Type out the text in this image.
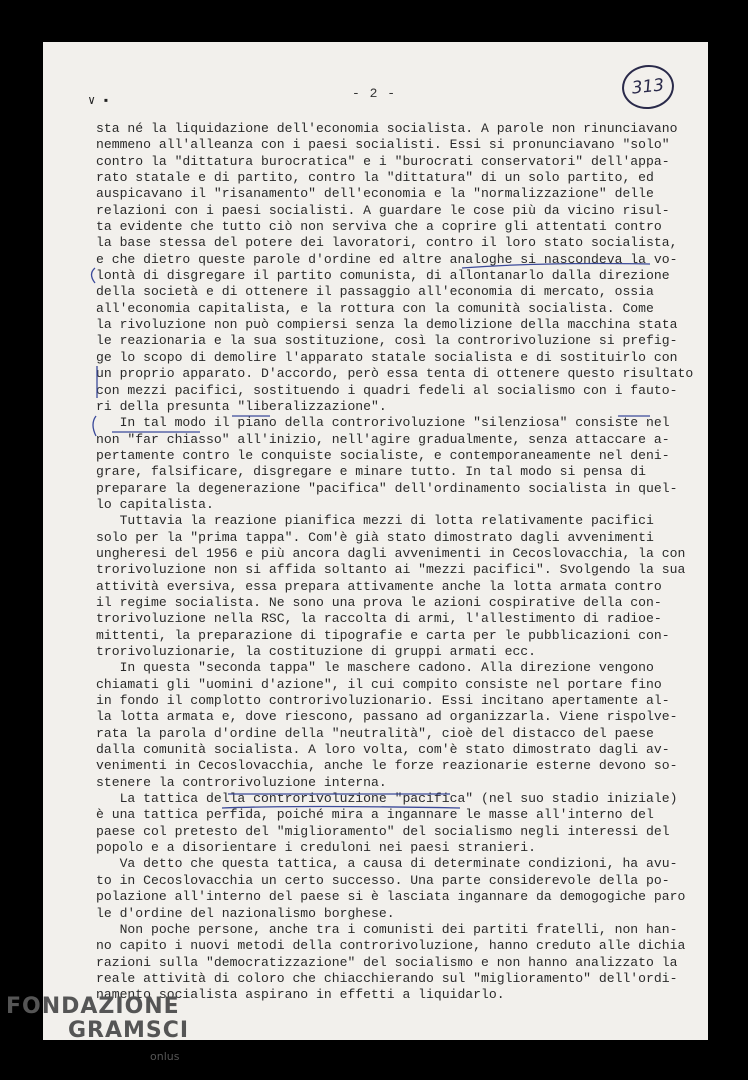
- 2 -	313
∨ ▪
sta né la liquidazione dell'economia socialista. A parole non rinunciavano
nemmeno all'alleanza con i paesi socialisti. Essi si pronunciavano "solo"
contro la "dittatura burocratica" e i "burocrati conservatori" dell'appa-
rato statale e di partito, contro la "dittatura" di un solo partito, ed
auspicavano il "risanamento" dell'economia e la "normalizzazione" delle
relazioni con i paesi socialisti. A guardare le cose più da vicino risul-
ta evidente che tutto ciò non serviva che a coprire gli attentati contro
la base stessa del potere dei lavoratori, contro il loro stato socialista,
e che dietro queste parole d'ordine ed altre analoghe si nascondeva la vo-
lontà di disgregare il partito comunista, di allontanarlo dalla direzione
della società e di ottenere il passaggio all'economia di mercato, ossia
all'economia capitalista, e la rottura con la comunità socialista. Come
la rivoluzione non può compiersi senza la demolizione della macchina stata
le reazionaria e la sua sostituzione, così la controrivoluzione si prefig-
ge lo scopo di demolire l'apparato statale socialista e di sostituirlo con
un proprio apparato. D'accordo, però essa tenta di ottenere questo risultato
con mezzi pacifici, sostituendo i quadri fedeli al socialismo con i fauto-
ri della presunta "liberalizzazione".
In tal modo il piano della controrivoluzione "silenziosa" consiste nel
non "far chiasso" all'inizio, nell'agire gradualmente, senza attaccare a-
pertamente contro le conquiste socialiste, e contemporaneamente nel deni-
grare, falsificare, disgregare e minare tutto. In tal modo si pensa di
preparare la degenerazione "pacifica" dell'ordinamento socialista in quel-
lo capitalista.
Tuttavia la reazione pianifica mezzi di lotta relativamente pacifici
solo per la "prima tappa". Com'è già stato dimostrato dagli avvenimenti
ungheresi del 1956 e più ancora dagli avvenimenti in Cecoslovacchia, la con
trorivoluzione non si affida soltanto ai "mezzi pacifici". Svolgendo la sua
attività eversiva, essa prepara attivamente anche la lotta armata contro
il regime socialista. Ne sono una prova le azioni cospirative della con-
trorivoluzione nella RSC, la raccolta di armi, l'allestimento di radioe-
mittenti, la preparazione di tipografie e carta per le pubblicazioni con-
trorivoluzionarie, la costituzione di gruppi armati ecc.
In questa "seconda tappa" le maschere cadono. Alla direzione vengono
chiamati gli "uomini d'azione", il cui compito consiste nel portare fino
in fondo il complotto controrivoluzionario. Essi incitano apertamente al-
la lotta armata e, dove riescono, passano ad organizzarla. Viene rispolve-
rata la parola d'ordine della "neutralità", cioè del distacco del paese
dalla comunità socialista. A loro volta, com'è stato dimostrato dagli av-
venimenti in Cecoslovacchia, anche le forze reazionarie esterne devono so-
stenere la controrivoluzione interna.
La tattica della controrivoluzione "pacifica" (nel suo stadio iniziale)
è una tattica perfida, poiché mira a ingannare le masse all'interno del
paese col pretesto del "miglioramento" del socialismo negli interessi del
popolo e a disorientare i creduloni nei paesi stranieri.
Va detto che questa tattica, a causa di determinate condizioni, ha avu-
to in Cecoslovacchia un certo successo. Una parte considerevole della po-
polazione all'interno del paese si è lasciata ingannare da demogogiche paro
le d'ordine del nazionalismo borghese.
Non poche persone, anche tra i comunisti dei partiti fratelli, non han-
no capito i nuovi metodi della controrivoluzione, hanno creduto alle dichia
razioni sulla "democratizzazione" del socialismo e non hanno analizzato la
reale attività di coloro che chiacchierando sul "miglioramento" dell'ordi-
namento socialista aspirano in effetti a liquidarlo.
FONDAZIONE
GRAMSCI
onlus
